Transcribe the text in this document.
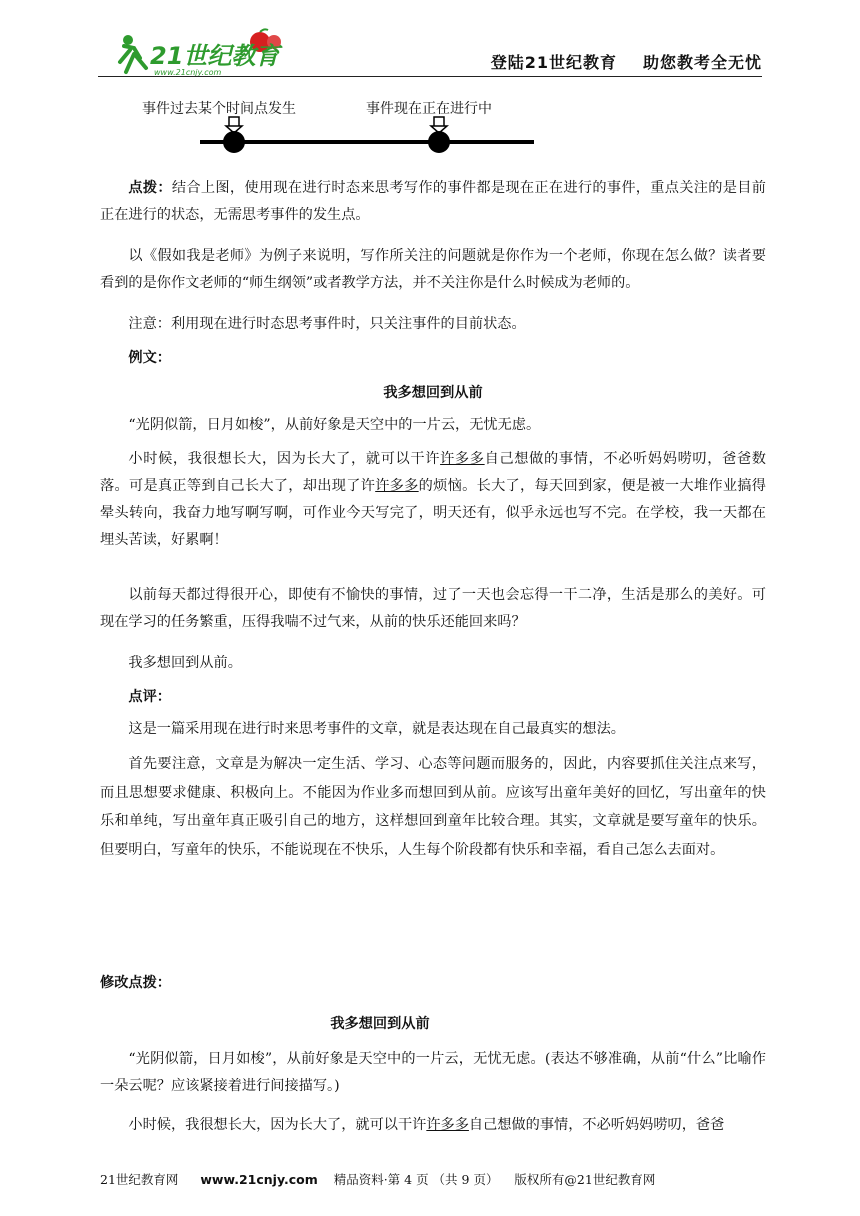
21世纪教育
www.21cnjy.com
登陆21世纪教育 助您教考全无忧
事件过去某个时间点发生	事件现在正在进行中
点拨：结合上图，使用现在进行时态来思考写作的事件都是现在正在进行的事件，重点关注的是目前正在进行的状态，无需思考事件的发生点。
以《假如我是老师》为例子来说明，写作所关注的问题就是你作为一个老师，你现在怎么做？读者要看到的是你作文老师的“师生纲领”或者教学方法，并不关注你是什么时候成为老师的。
注意：利用现在进行时态思考事件时，只关注事件的目前状态。
例文：
我多想回到从前
“光阴似箭，日月如梭”，从前好象是天空中的一片云，无忧无虑。
小时候，我很想长大，因为长大了，就可以干许许多多自己想做的事情，不必听妈妈唠叨，爸爸数落。可是真正等到自己长大了，却出现了许许多多的烦恼。长大了，每天回到家，便是被一大堆作业搞得晕头转向，我奋力地写啊写啊，可作业今天写完了，明天还有，似乎永远也写不完。在学校，我一天都在埋头苦读，好累啊！
以前每天都过得很开心，即使有不愉快的事情，过了一天也会忘得一干二净，生活是那么的美好。可现在学习的任务繁重，压得我喘不过气来，从前的快乐还能回来吗？
我多想回到从前。
点评：
这是一篇采用现在进行时来思考事件的文章，就是表达现在自己最真实的想法。
首先要注意，文章是为解决一定生活、学习、心态等问题而服务的，因此，内容要抓住关注点来写，而且思想要求健康、积极向上。不能因为作业多而想回到从前。应该写出童年美好的回忆，写出童年的快乐和单纯，写出童年真正吸引自己的地方，这样想回到童年比较合理。其实，文章就是要写童年的快乐。但要明白，写童年的快乐，不能说现在不快乐，人生每个阶段都有快乐和幸福，看自己怎么去面对。
修改点拨：
我多想回到从前
“光阴似箭，日月如梭”，从前好象是天空中的一片云，无忧无虑。(表达不够准确，从前“什么”比喻作一朵云呢？应该紧接着进行间接描写。)
小时候，我很想长大，因为长大了，就可以干许许多多自己想做的事情，不必听妈妈唠叨，爸爸
21世纪教育网 www.21cnjy.com 精品资料·第 4 页 （共 9 页） 版权所有@21世纪教育网
